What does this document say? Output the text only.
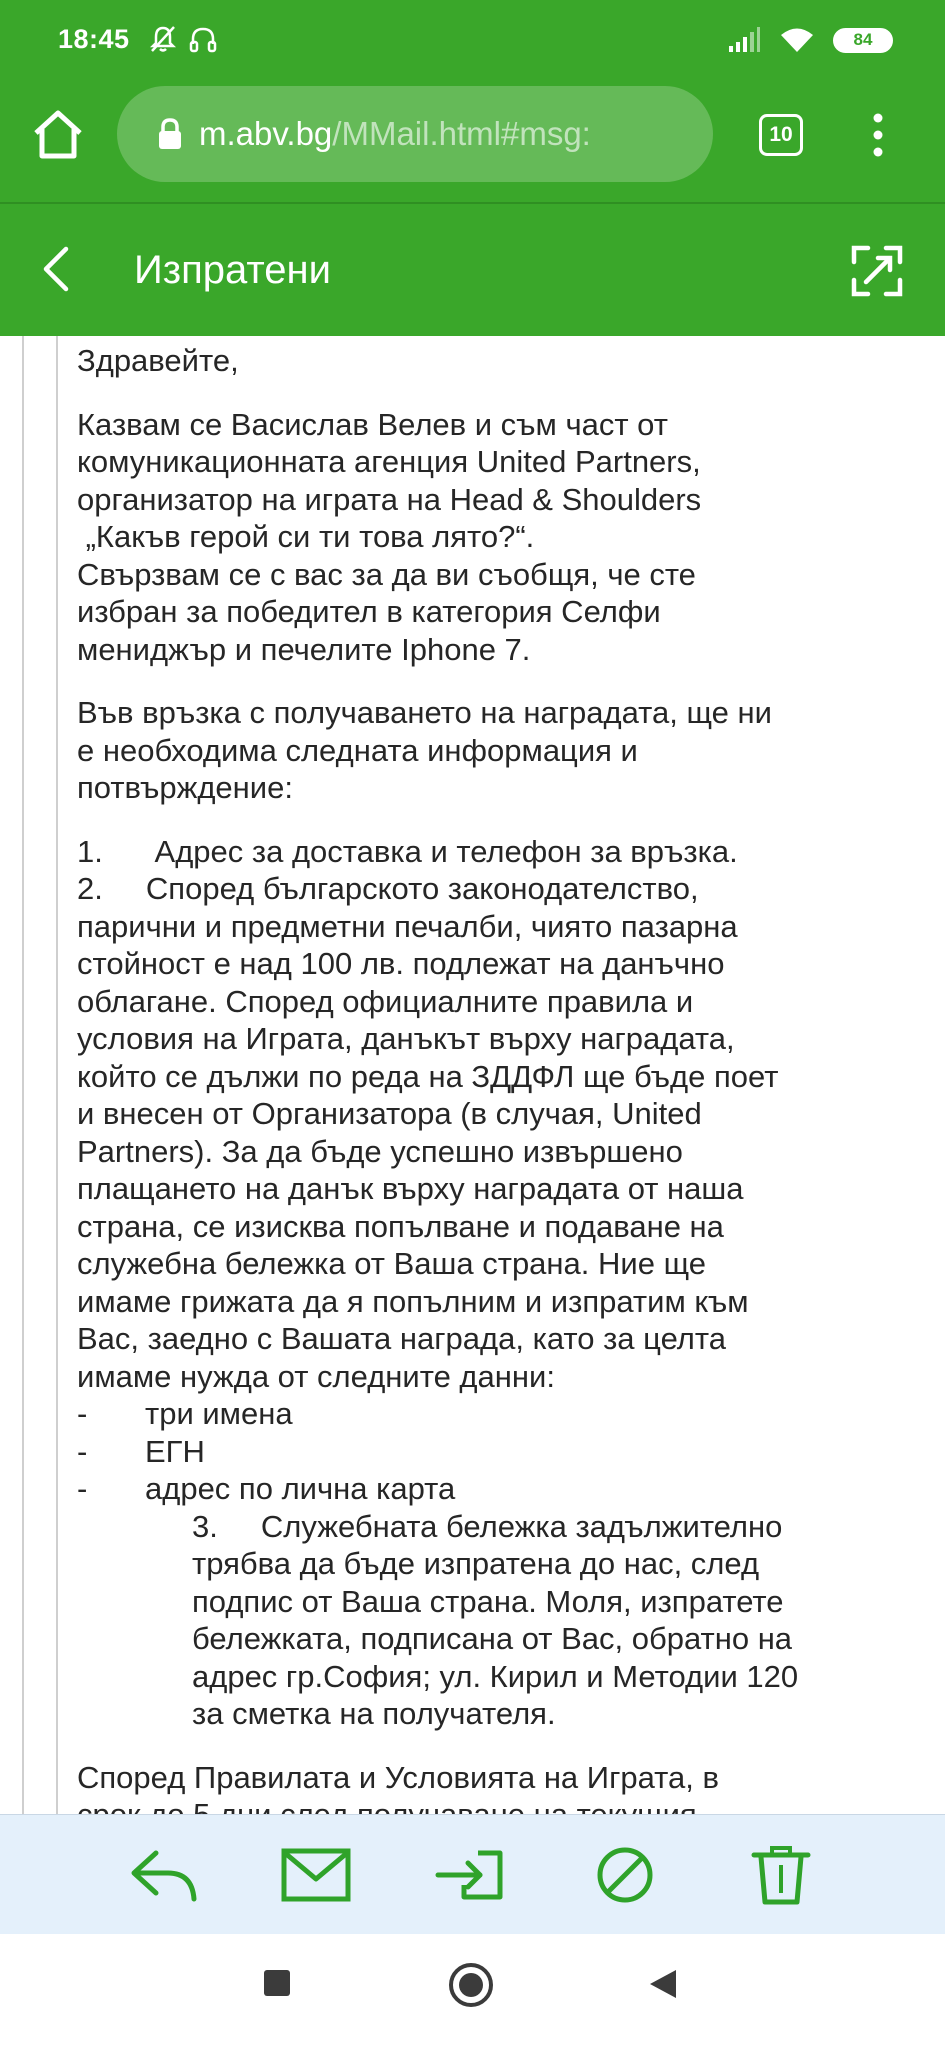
18:45	84
m.abv.bg/MMail.html#msg:	10
Изпратени

Здравейте,

Казвам се Васислав Велев и съм част от
комуникационната агенция United Partners,
организатор на играта на Head & Shoulders
„Какъв герой си ти това лято?“.
Свързвам се с вас за да ви съобщя, че сте
избран за победител в категория Селфи
мениджър и печелите Iphone 7.

Във връзка с получаването на наградата, ще ни
е необходима следната информация и
потвърждение:

1.      Адрес за доставка и телефон за връзка.
2.     Според българското законодателство,
парични и предметни печалби, чиято пазарна
стойност е над 100 лв. подлежат на данъчно
облагане. Според официалните правила и
условия на Играта, данъкът върху наградата,
който се дължи по реда на ЗДДФЛ ще бъде поет
и внесен от Организатора (в случая, United
Partners). За да бъде успешно извършено
плащането на данък върху наградата от наша
страна, се изисква попълване и подаване на
служебна бележка от Ваша страна. Ние ще
имаме грижата да я попълним и изпратим към
Вас, заедно с Вашата награда, като за целта
имаме нужда от следните данни:
-	три имена
-	ЕГН
-	адрес по лична карта
3.     Служебната бележка задължително
трябва да бъде изпратена до нас, след
подпис от Ваша страна. Моля, изпратете
бележката, подписана от Вас, обратно на
адрес гр.София; ул. Кирил и Методии 120
за сметка на получателя.

Според Правилата и Условията на Играта, в
